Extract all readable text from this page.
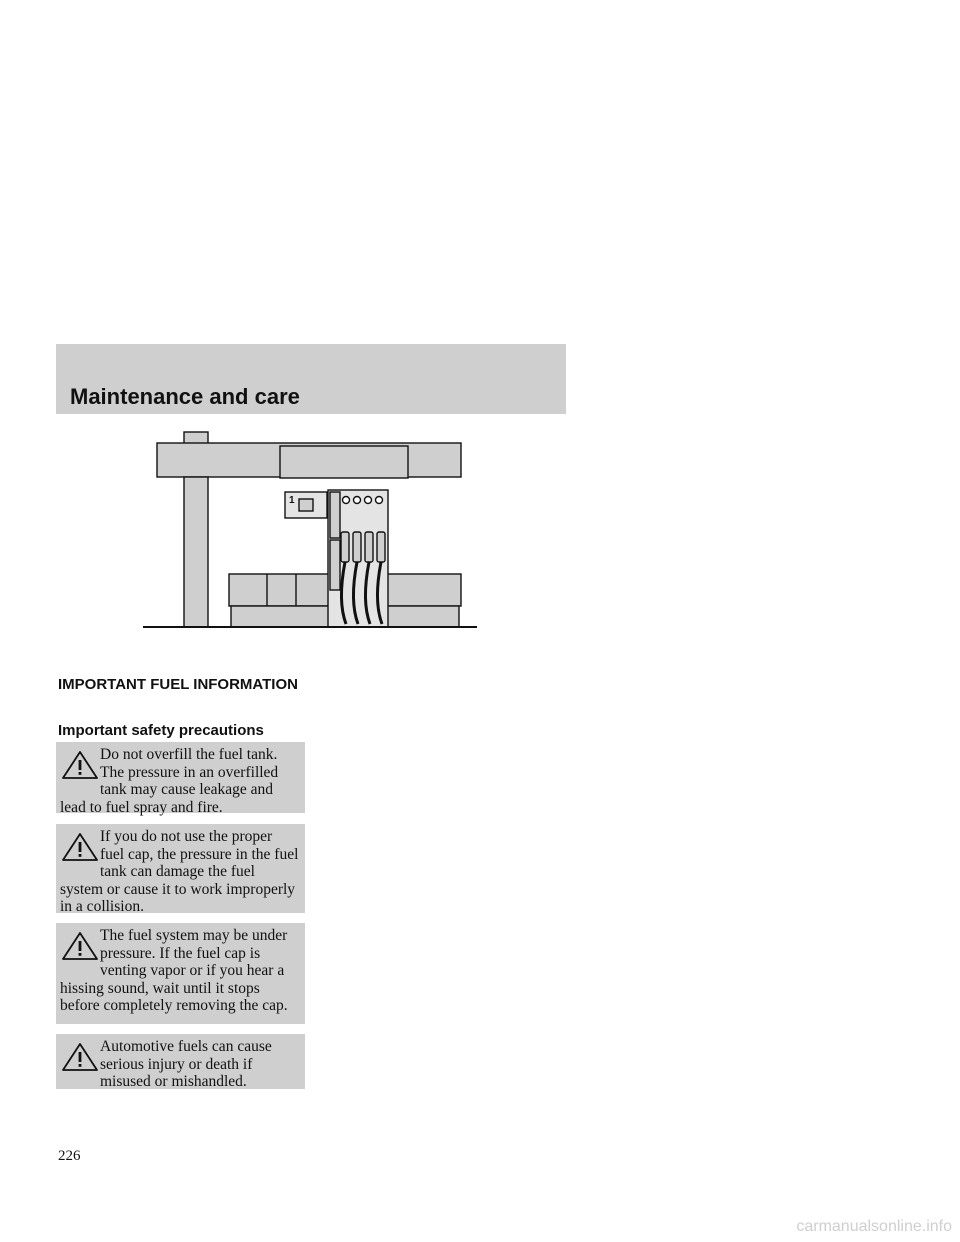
Maintenance and care
1
IMPORTANT FUEL INFORMATION
Important safety precautions

Do not overfill the fuel tank. The pressure in an overfilled tank may cause leakage and lead to fuel spray and fire.

If you do not use the proper fuel cap, the pressure in the fuel tank can damage the fuel system or cause it to work improperly in a collision.

The fuel system may be under pressure. If the fuel cap is venting vapor or if you hear a hissing sound, wait until it stops before completely removing the cap.

Automotive fuels can cause serious injury or death if misused or mishandled.

226
carmanualsonline.info
